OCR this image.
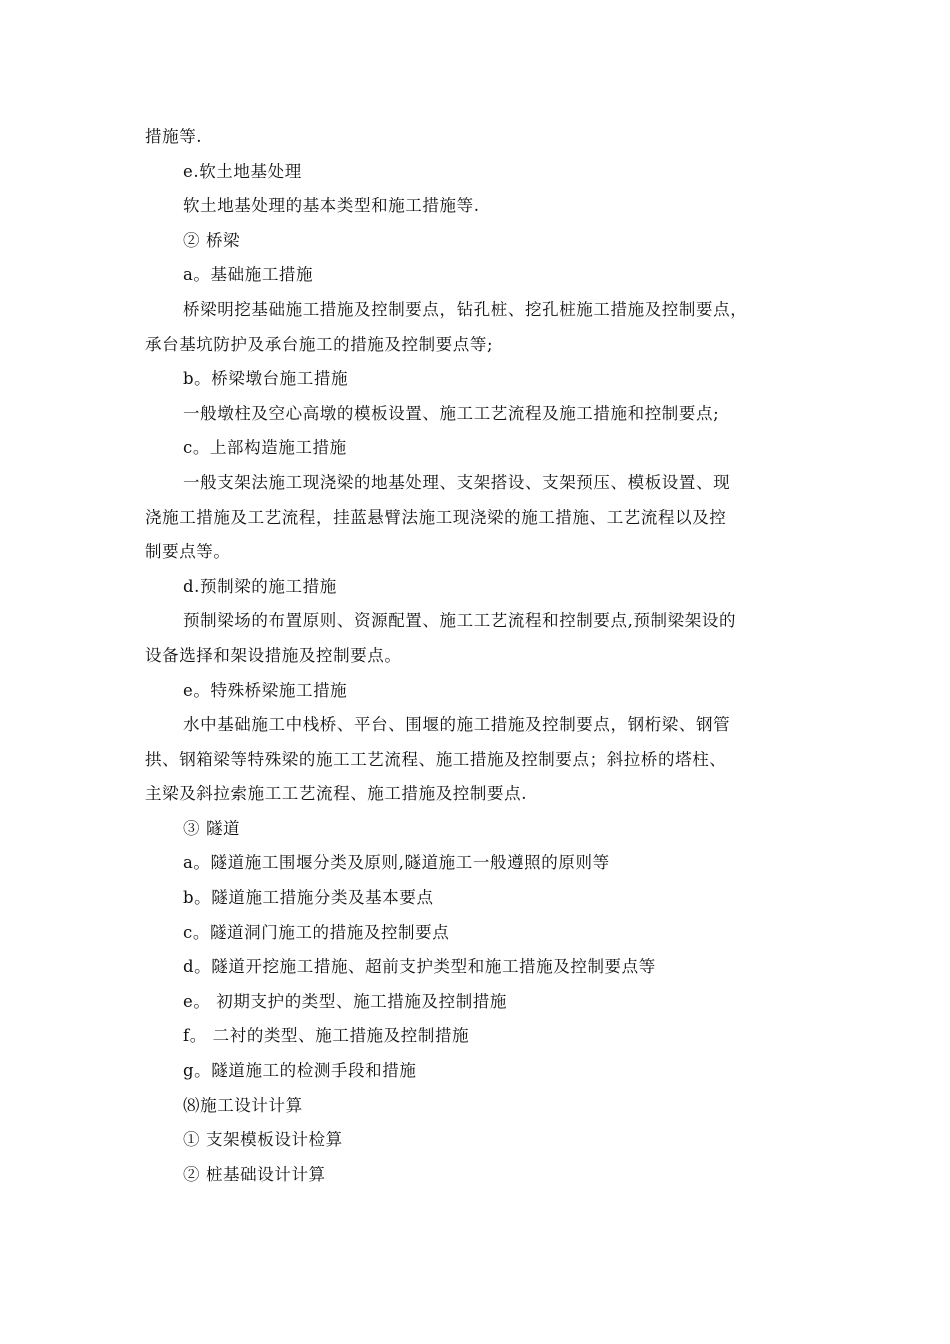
措施等.
e.软土地基处理
软土地基处理的基本类型和施工措施等.
② 桥梁
a。基础施工措施
桥梁明挖基础施工措施及控制要点，钻孔桩、挖孔桩施工措施及控制要点，
承台基坑防护及承台施工的措施及控制要点等;
b。桥梁墩台施工措施
一般墩柱及空心高墩的模板设置、施工工艺流程及施工措施和控制要点;
c。上部构造施工措施
一般支架法施工现浇梁的地基处理、支架搭设、支架预压、模板设置、现
浇施工措施及工艺流程，挂蓝悬臂法施工现浇梁的施工措施、工艺流程以及控
制要点等。
d.预制梁的施工措施
预制梁场的布置原则、资源配置、施工工艺流程和控制要点,预制梁架设的
设备选择和架设措施及控制要点。
e。特殊桥梁施工措施
水中基础施工中栈桥、平台、围堰的施工措施及控制要点，钢桁梁、钢管
拱、钢箱梁等特殊梁的施工工艺流程、施工措施及控制要点；斜拉桥的塔柱、
主梁及斜拉索施工工艺流程、施工措施及控制要点.
③ 隧道
a。隧道施工围堰分类及原则,隧道施工一般遵照的原则等
b。隧道施工措施分类及基本要点
c。隧道洞门施工的措施及控制要点
d。隧道开挖施工措施、超前支护类型和施工措施及控制要点等
e。 初期支护的类型、施工措施及控制措施
f。 二衬的类型、施工措施及控制措施
g。隧道施工的检测手段和措施
⑻施工设计计算
① 支架模板设计检算
② 桩基础设计计算
